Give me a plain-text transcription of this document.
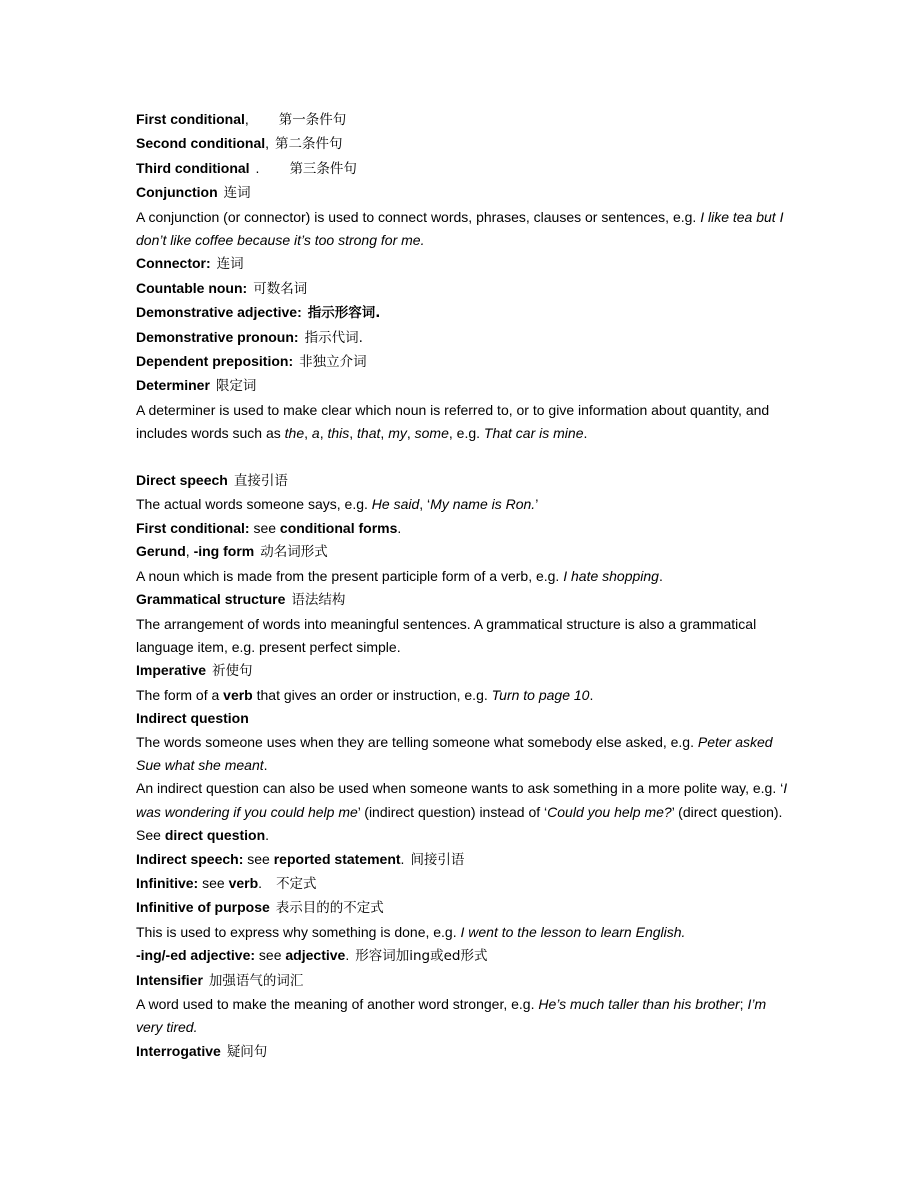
First conditional, 第一条件句
Second conditional, 第二条件句
Third conditional . 第三条件句
Conjunction 连词
A conjunction (or connector) is used to connect words, phrases, clauses or sentences, e.g. I like tea but I don’t like coffee because it’s too strong for me.
Connector: 连词
Countable noun: 可数名词
Demonstrative adjective: 指示形容词.
Demonstrative pronoun: 指示代词.
Dependent preposition: 非独立介词
Determiner 限定词
A determiner is used to make clear which noun is referred to, or to give information about quantity, and includes words such as the, a, this, that, my, some, e.g. That car is mine.
Direct speech 直接引语
The actual words someone says, e.g. He said, ‘My name is Ron.’
First conditional: see conditional forms.
Gerund, -ing form 动名词形式
A noun which is made from the present participle form of a verb, e.g. I hate shopping.
Grammatical structure 语法结构
The arrangement of words into meaningful sentences. A grammatical structure is also a grammatical language item, e.g. present perfect simple.
Imperative 祈使句
The form of a verb that gives an order or instruction, e.g. Turn to page 10.
Indirect question
The words someone uses when they are telling someone what somebody else asked, e.g. Peter asked Sue what she meant.
An indirect question can also be used when someone wants to ask something in a more polite way, e.g. ‘I was wondering if you could help me’ (indirect question) instead of ‘Could you help me?’ (direct question).
See direct question.
Indirect speech: see reported statement. 间接引语
Infinitive: see verb. 不定式
Infinitive of purpose 表示目的的不定式
This is used to express why something is done, e.g. I went to the lesson to learn English.
-ing/-ed adjective: see adjective. 形容词加ing或ed形式
Intensifier 加强语气的词汇
A word used to make the meaning of another word stronger, e.g. He’s much taller than his brother; I’m very tired.
Interrogative 疑问句
